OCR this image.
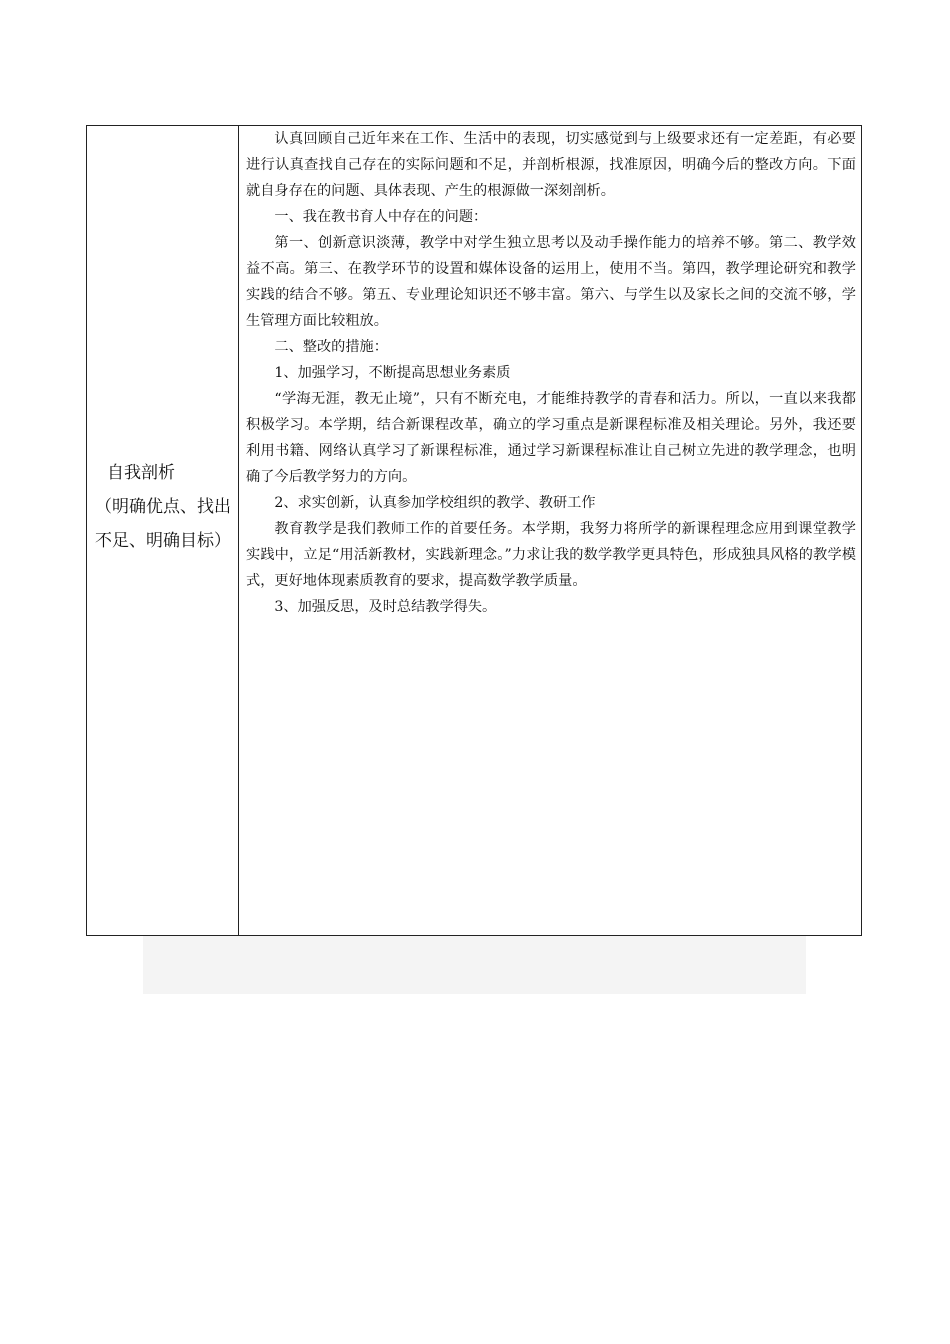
自我剖析
（明确优点、找出不足、明确目标）

认真回顾自己近年来在工作、生活中的表现，切实感觉到与上级要求还有一定差距，有必要进行认真查找自己存在的实际问题和不足，并剖析根源，找准原因，明确今后的整改方向。下面就自身存在的问题、具体表现、产生的根源做一深刻剖析。

一、我在教书育人中存在的问题：

第一、创新意识淡薄，教学中对学生独立思考以及动手操作能力的培养不够。第二、教学效益不高。第三、在教学环节的设置和媒体设备的运用上，使用不当。第四，教学理论研究和教学实践的结合不够。第五、专业理论知识还不够丰富。第六、与学生以及家长之间的交流不够，学生管理方面比较粗放。

二、整改的措施：

1、加强学习，不断提高思想业务素质

“学海无涯，教无止境”，只有不断充电，才能维持教学的青春和活力。所以，一直以来我都积极学习。本学期，结合新课程改革，确立的学习重点是新课程标准及相关理论。另外，我还要利用书籍、网络认真学习了新课程标准，通过学习新课程标准让自己树立先进的教学理念，也明确了今后教学努力的方向。

2、求实创新，认真参加学校组织的教学、教研工作

教育教学是我们教师工作的首要任务。本学期，我努力将所学的新课程理念应用到课堂教学实践中，立足“用活新教材，实践新理念。”力求让我的数学教学更具特色，形成独具风格的教学模式，更好地体现素质教育的要求，提高数学教学质量。

3、加强反思，及时总结教学得失。
